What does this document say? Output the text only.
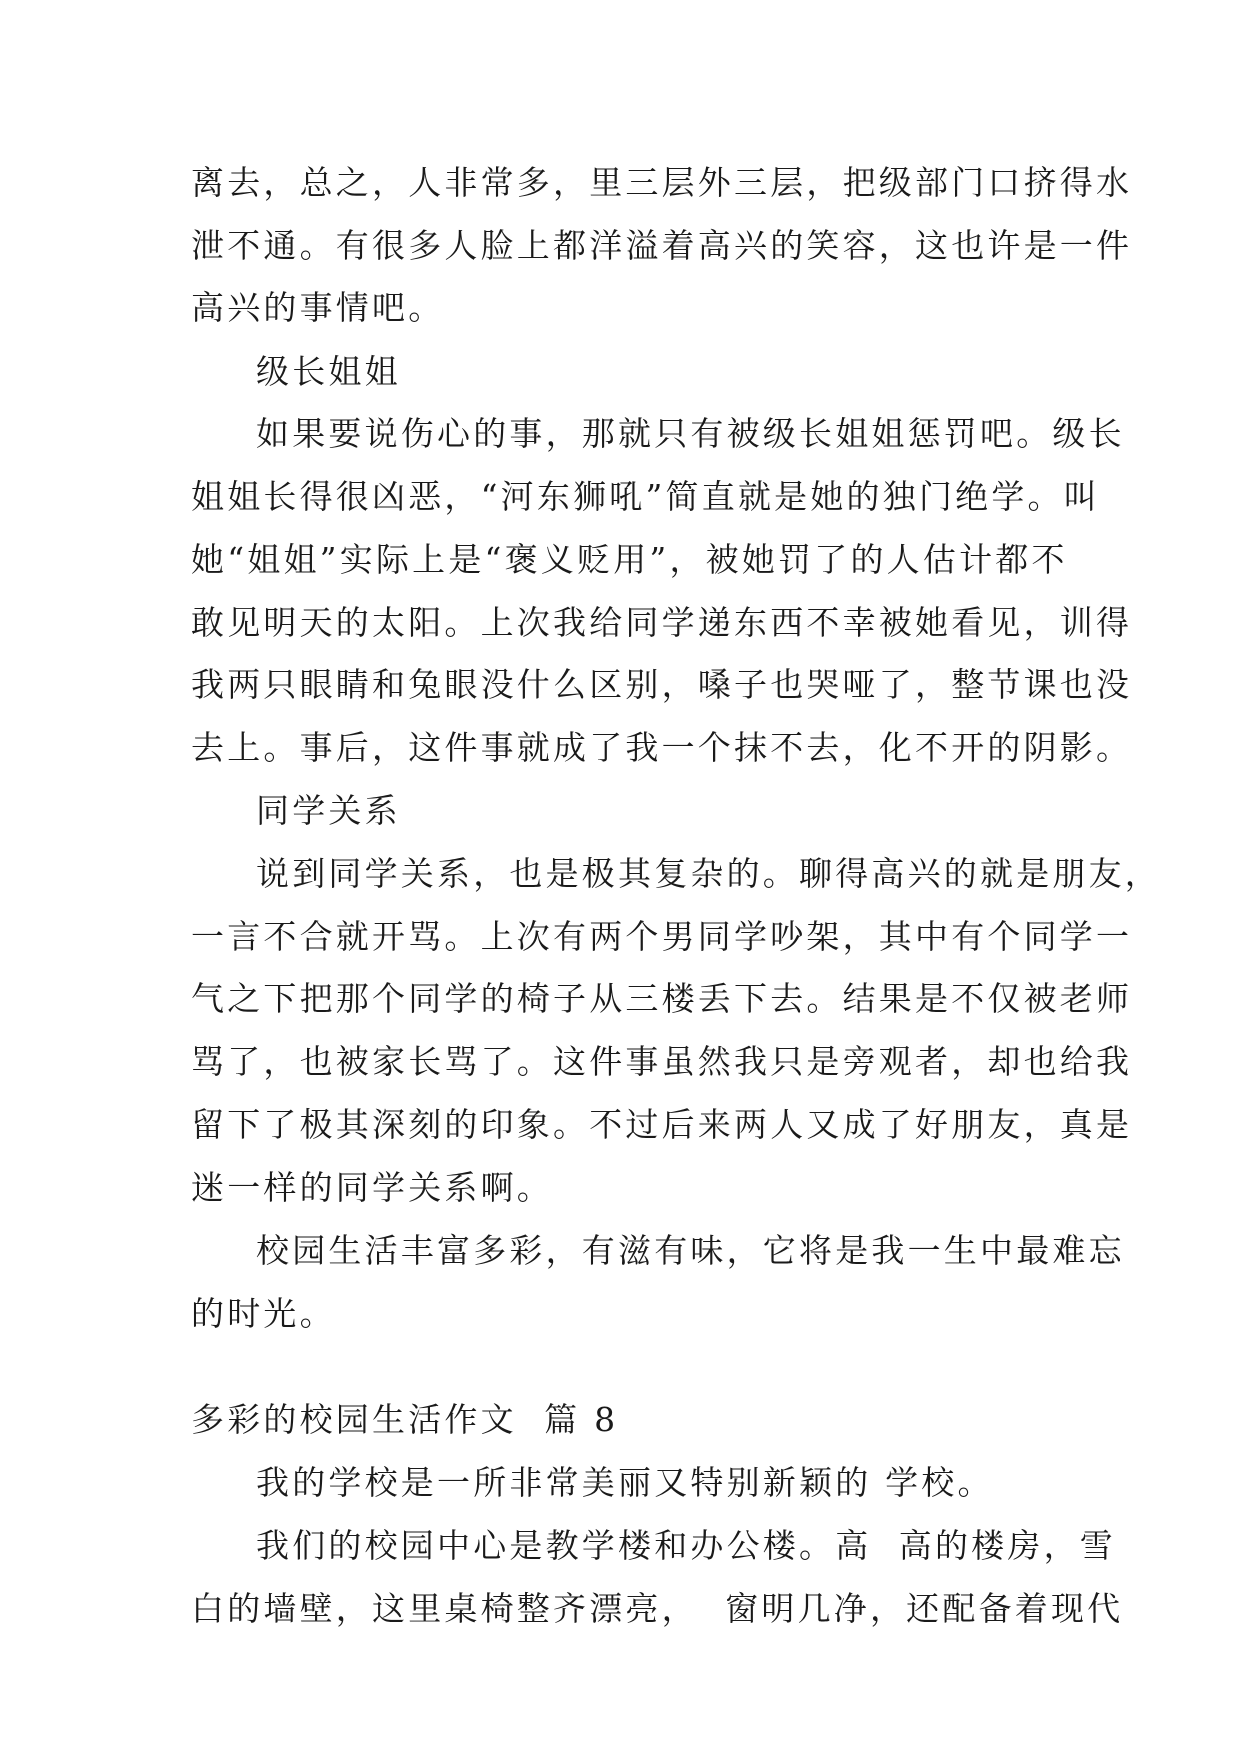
离去，总之，人非常多，里三层外三层，把级部门口挤得水
泄不通。有很多人脸上都洋溢着高兴的笑容，这也许是一件
高兴的事情吧。
级长姐姐
如果要说伤心的事，那就只有被级长姐姐惩罚吧。级长
姐姐长得很凶恶，“河东狮吼”简直就是她的独门绝学。叫
她“姐姐”实际上是“褒义贬用”，被她罚了的人估计都不
敢见明天的太阳。上次我给同学递东西不幸被她看见，训得
我两只眼睛和兔眼没什么区别，嗓子也哭哑了，整节课也没
去上。事后，这件事就成了我一个抹不去，化不开的阴影。
同学关系
说到同学关系，也是极其复杂的。聊得高兴的就是朋友，
一言不合就开骂。上次有两个男同学吵架，其中有个同学一
气之下把那个同学的椅子从三楼丢下去。结果是不仅被老师
骂了，也被家长骂了。这件事虽然我只是旁观者，却也给我
留下了极其深刻的印象。不过后来两人又成了好朋友，真是
迷一样的同学关系啊。
校园生活丰富多彩，有滋有味，它将是我一生中最难忘
的时光。
多彩的校园生活作文  篇 8
我的学校是一所非常美丽又特别新颖的 学校。
我们的校园中心是教学楼和办公楼。高  高的楼房，雪
白的墙壁，这里桌椅整齐漂亮，  窗明几净，还配备着现代
